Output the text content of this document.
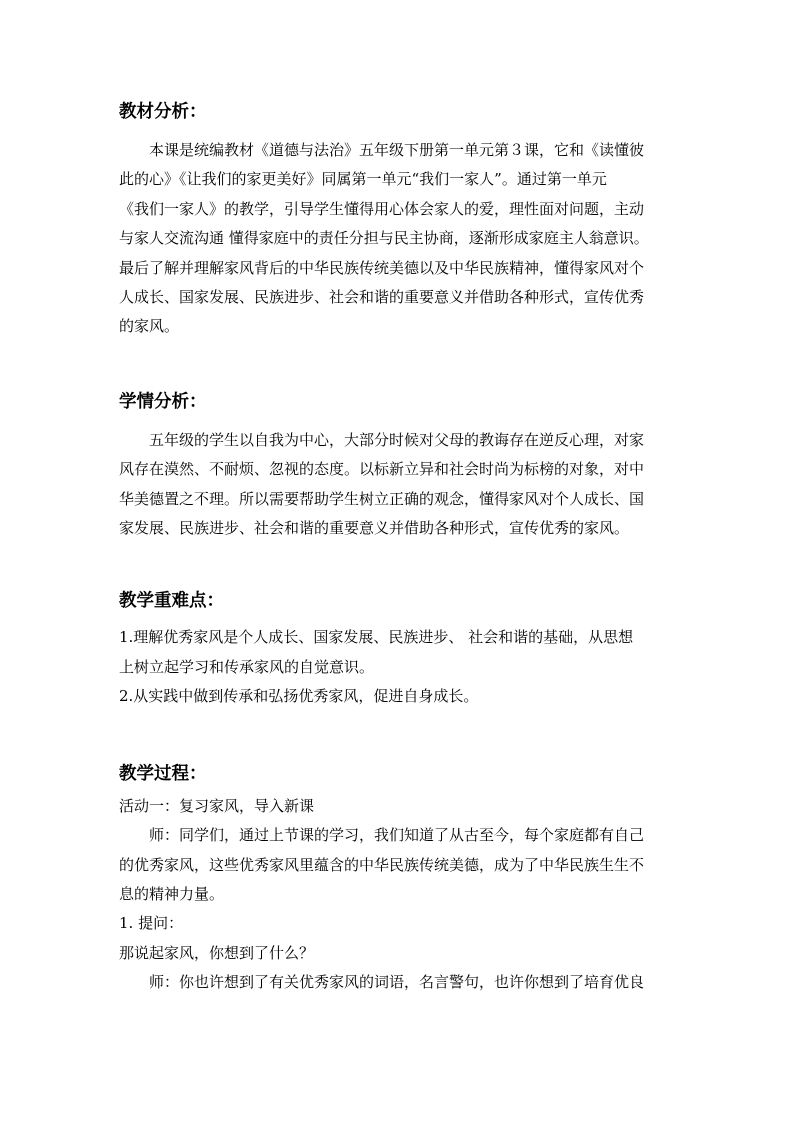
教材分析：
本课是统编教材《道德与法治》五年级下册第一单元第３课，它和《读懂彼
此的心》《让我们的家更美好》同属第一单元“我们一家人”。通过第一单元
《我们一家人》的教学，引导学生懂得用心体会家人的爱，理性面对问题，主动
与家人交流沟通 懂得家庭中的责任分担与民主协商，逐渐形成家庭主人翁意识。
最后了解并理解家风背后的中华民族传统美德以及中华民族精神，懂得家风对个
人成长、国家发展、民族进步、社会和谐的重要意义并借助各种形式，宣传优秀
的家风。
学情分析：
五年级的学生以自我为中心，大部分时候对父母的教诲存在逆反心理，对家
风存在漠然、不耐烦、忽视的态度。以标新立异和社会时尚为标榜的对象，对中
华美德置之不理。所以需要帮助学生树立正确的观念，懂得家风对个人成长、国
家发展、民族进步、社会和谐的重要意义并借助各种形式，宣传优秀的家风。
教学重难点：

1.理解优秀家风是个人成长、国家发展、民族进步、 社会和谐的基础，从思想

上树立起学习和传承家风的自觉意识。

2.从实践中做到传承和弘扬优秀家风，促进自身成长。

教学过程：

活动一：复习家风，导入新课

师：同学们，通过上节课的学习，我们知道了从古至今，每个家庭都有自己
的优秀家风，这些优秀家风里蕴含的中华民族传统美德，成为了中华民族生生不
息的精神力量。

1. 提问：

那说起家风，你想到了什么？

师：你也许想到了有关优秀家风的词语，名言警句，也许你想到了培育优良
